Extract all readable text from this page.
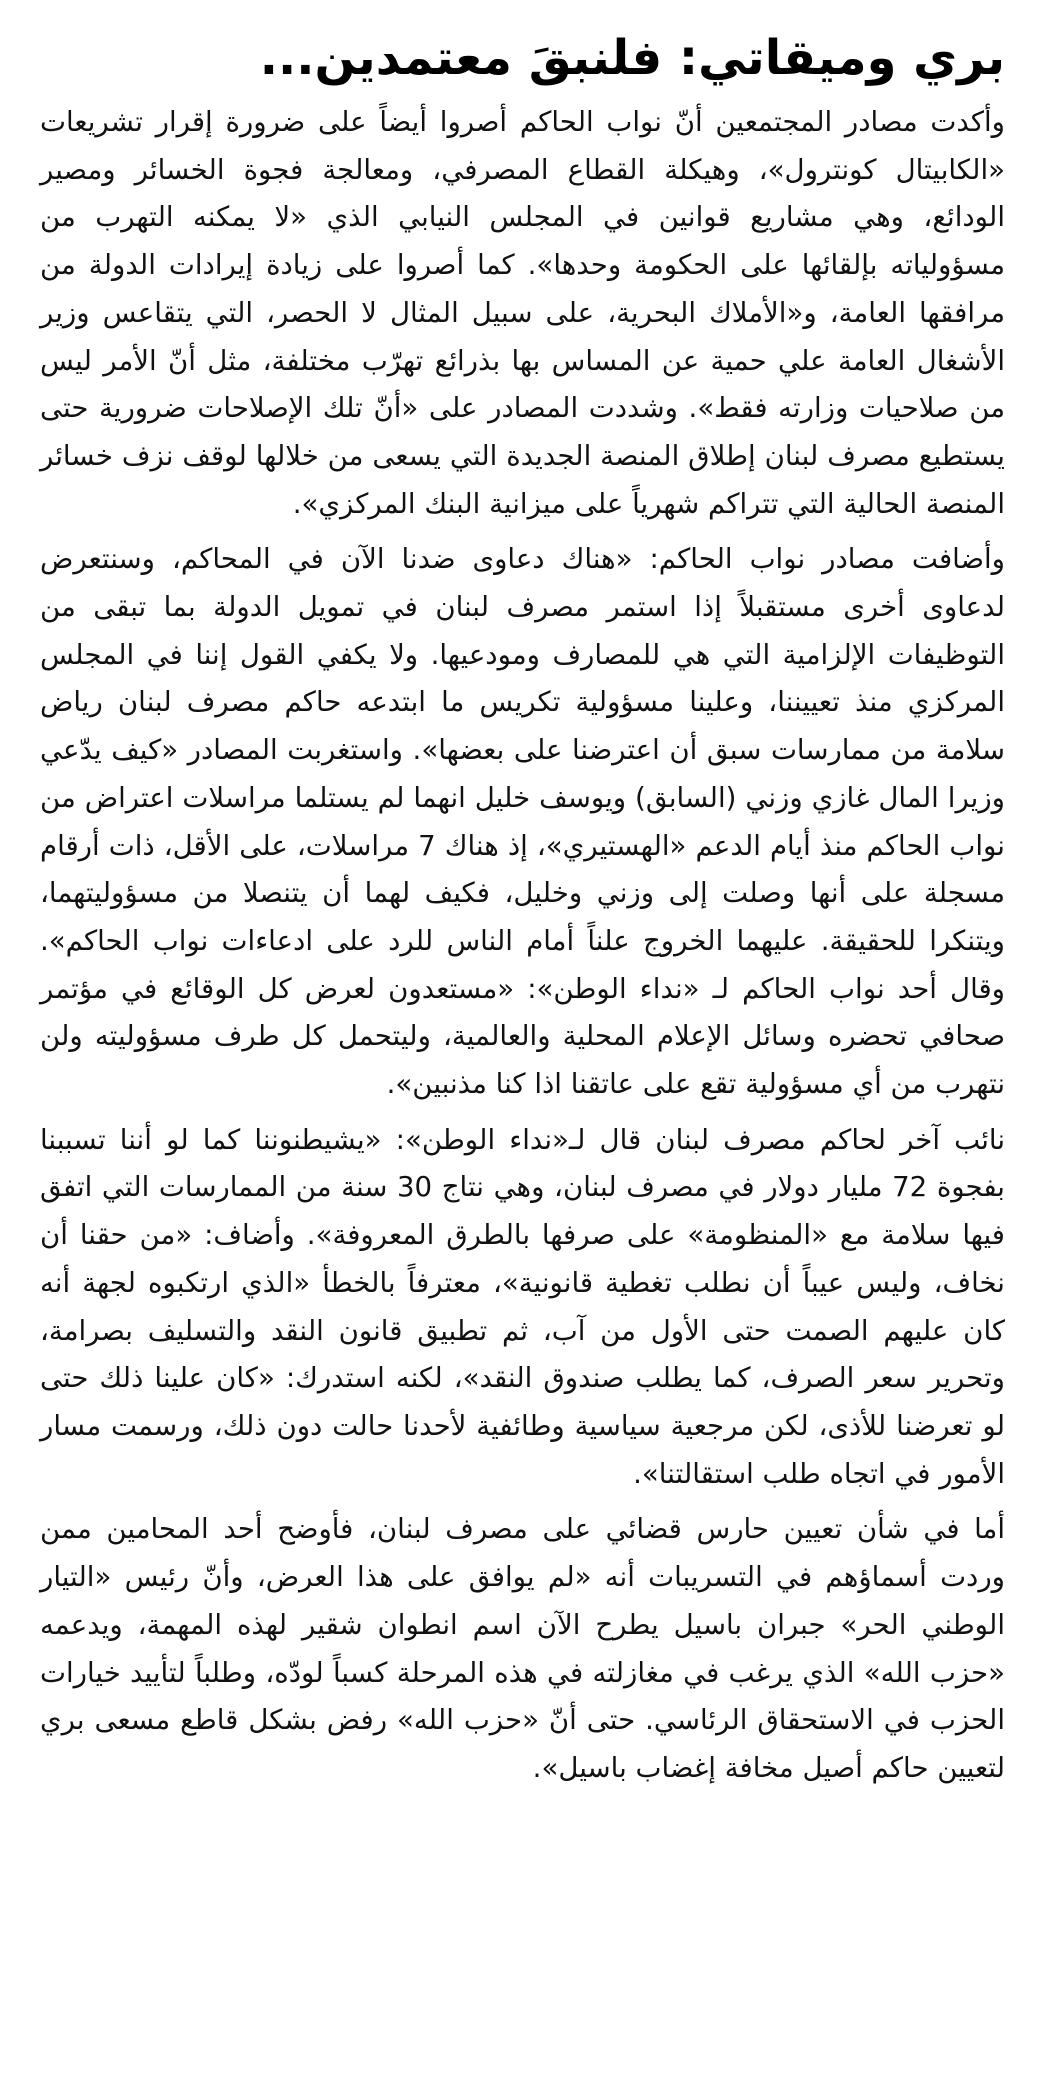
بري وميقاتي: فلنبقَ معتمدين...

وأكدت مصادر المجتمعين أنّ نواب الحاكم أصروا أيضاً على ضرورة إقرار تشريعات «الكابيتال كونترول»، وهيكلة القطاع المصرفي، ومعالجة فجوة الخسائر ومصير الودائع، وهي مشاريع قوانين في المجلس النيابي الذي «لا يمكنه التهرب من مسؤولياته بإلقائها على الحكومة وحدها». كما أصروا على زيادة إيرادات الدولة من مرافقها العامة، و«الأملاك البحرية، على سبيل المثال لا الحصر، التي يتقاعس وزير الأشغال العامة علي حمية عن المساس بها بذرائع تهرّب مختلفة، مثل أنّ الأمر ليس من صلاحيات وزارته فقط». وشددت المصادر على «أنّ تلك الإصلاحات ضرورية حتى يستطيع مصرف لبنان إطلاق المنصة الجديدة التي يسعى من خلالها لوقف نزف خسائر المنصة الحالية التي تتراكم شهرياً على ميزانية البنك المركزي».

وأضافت مصادر نواب الحاكم: «هناك دعاوى ضدنا الآن في المحاكم، وسنتعرض لدعاوى أخرى مستقبلاً إذا استمر مصرف لبنان في تمويل الدولة بما تبقى من التوظيفات الإلزامية التي هي للمصارف ومودعيها. ولا يكفي القول إننا في المجلس المركزي منذ تعييننا، وعلينا مسؤولية تكريس ما ابتدعه حاكم مصرف لبنان رياض سلامة من ممارسات سبق أن اعترضنا على بعضها». واستغربت المصادر «كيف يدّعي وزيرا المال غازي وزني (السابق) ويوسف خليل انهما لم يستلما مراسلات اعتراض من نواب الحاكم منذ أيام الدعم «الهستيري»، إذ هناك 7 مراسلات، على الأقل، ذات أرقام مسجلة على أنها وصلت إلى وزني وخليل، فكيف لهما أن يتنصلا من مسؤوليتهما، ويتنكرا للحقيقة. عليهما الخروج علناً أمام الناس للرد على ادعاءات نواب الحاكم». وقال أحد نواب الحاكم لـ «نداء الوطن»: «مستعدون لعرض كل الوقائع في مؤتمر صحافي تحضره وسائل الإعلام المحلية والعالمية، وليتحمل كل طرف مسؤوليته ولن نتهرب من أي مسؤولية تقع على عاتقنا اذا كنا مذنبين».

نائب آخر لحاكم مصرف لبنان قال لـ«نداء الوطن»: «يشيطنوننا كما لو أننا تسببنا بفجوة 72 مليار دولار في مصرف لبنان، وهي نتاج 30 سنة من الممارسات التي اتفق فيها سلامة مع «المنظومة» على صرفها بالطرق المعروفة». وأضاف: «من حقنا أن نخاف، وليس عيباً أن نطلب تغطية قانونية»، معترفاً بالخطأ «الذي ارتكبوه لجهة أنه كان عليهم الصمت حتى الأول من آب، ثم تطبيق قانون النقد والتسليف بصرامة، وتحرير سعر الصرف، كما يطلب صندوق النقد»، لكنه استدرك: «كان علينا ذلك حتى لو تعرضنا للأذى، لكن مرجعية سياسية وطائفية لأحدنا حالت دون ذلك، ورسمت مسار الأمور في اتجاه طلب استقالتنا».

أما في شأن تعيين حارس قضائي على مصرف لبنان، فأوضح أحد المحامين ممن وردت أسماؤهم في التسريبات أنه «لم يوافق على هذا العرض، وأنّ رئيس «التيار الوطني الحر» جبران باسيل يطرح الآن اسم انطوان شقير لهذه المهمة، ويدعمه «حزب الله» الذي يرغب في مغازلته في هذه المرحلة كسباً لودّه، وطلباً لتأييد خيارات الحزب في الاستحقاق الرئاسي. حتى أنّ «حزب الله» رفض بشكل قاطع مسعى بري لتعيين حاكم أصيل مخافة إغضاب باسيل».
